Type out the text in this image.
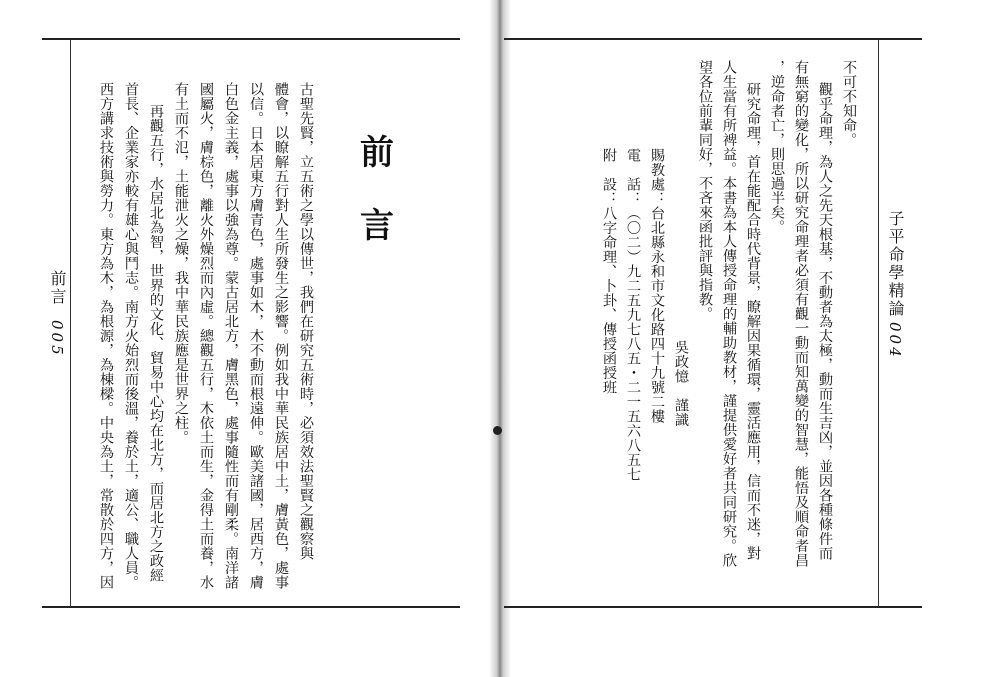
前言
005
前
言
古聖先賢，立五術之學以傳世，我們在研究五術時，必須效法聖賢之觀察與
體會，以瞭解五行對人生所發生之影響。例如我中華民族居中土，膚黃色，處事
以信。日本居東方膚青色，處事如木，木不動而根遠伸。歐美諸國，居西方，膚
白色金主義，處事以強為尊。蒙古居北方，膚黑色，處事隨性而有剛柔。南洋諸
國屬火，膚棕色，離火外燥烈而內虛。總觀五行，木依土而生，金得土而養，水
有土而不氾，土能泄火之燥，我中華民族應是世界之柱。
再觀五行，水居北為智，世界的文化、貿易中心均在北方，而居北方之政經
首長、企業家亦較有雄心與鬥志。南方火始烈而後溫，養於土，適公、職人員。
西方講求技術與勞力。東方為木，為根源，為棟樑。中央為土，常散於四方，因	子平命學精論
004
不可不知命。
觀乎命理，為人之先天根基，不動者為太極，動而生吉凶，並因各種條件而
有無窮的變化，所以研究命理者必須有觀一動而知萬變的智慧，能悟及順命者昌
，逆命者亡，則思過半矣。
研究命理，首在能配合時代背景，瞭解因果循環，靈活應用，信而不迷，對
人生當有所裨益。本書為本人傳授命理的輔助教材，謹提供愛好者共同研究。欣
望各位前輩同好，不吝來函批評與指教。
吳政憶　謹識
賜教處：台北縣永和市文化路四十九號二樓
電　話：（〇二）九二五九七八五・二一五六八五七
附　設：八字命理、卜卦、傳授函授班
